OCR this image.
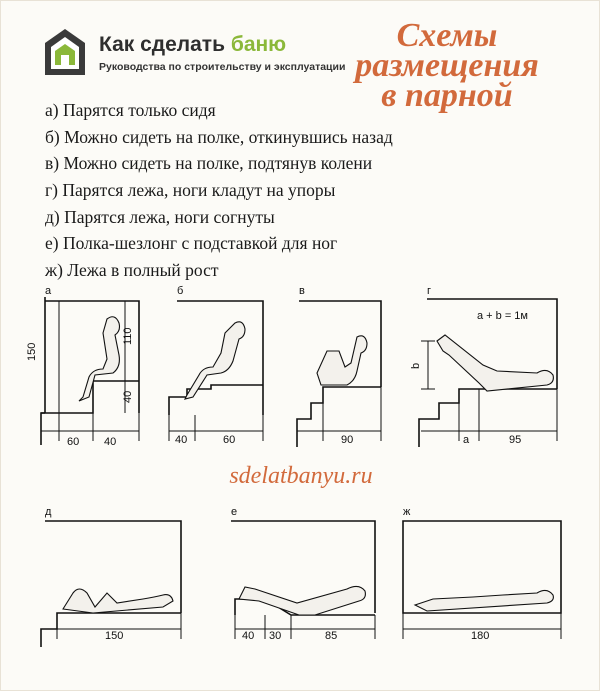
Как сделать баню
Руководства по строительству и эксплуатации
Схемы
размещения
в парной
а) Парятся только сидя
б) Можно сидеть на полке, откинувшись назад
в) Можно сидеть на полке, подтянув колени
г) Парятся лежа, ноги кладут на упоры
д) Парятся лежа, ноги согнуты
е) Полка-шезлонг с подставкой для ног
ж) Лежа в полный рост
sdelatbanyu.ru
а
150
110
40
60 40
б
40	60
в
90
г
a + b = 1м
b
a	95
д
150
е
40 30	85
ж
180
